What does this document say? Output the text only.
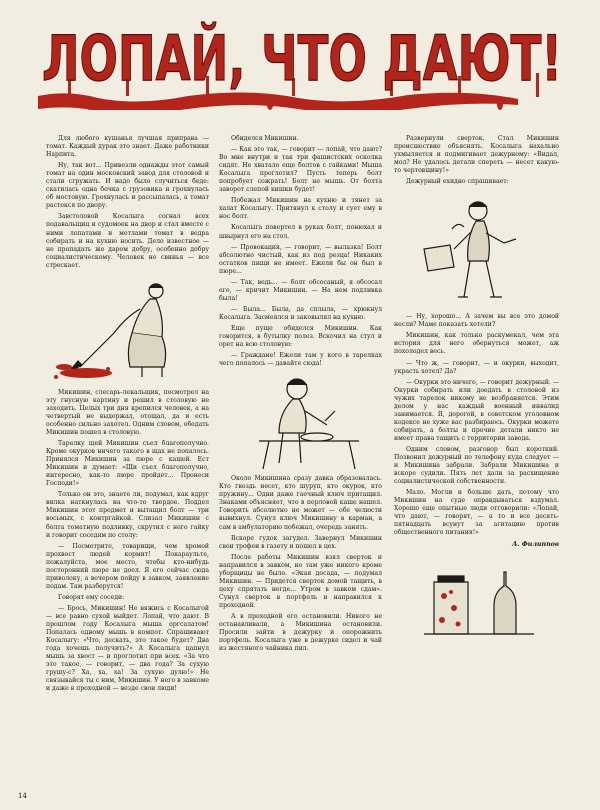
ЛОПАЙ, ЧТО ДАЮТ!

Для любого кушанья лучшая приправа — томат. Каждый дурак это знает. Даже работники Нарпита.

Ну, так вот... Привезли однажды этот самый томат на один московский завод для столовой и стали сгружать. И надо было случиться беде: скатилась одна бочка с грузовика и грохнулась об мостовую. Грохнулась и рассыпалась, а томат растекся по двору.

Завстоловой Косалыга согнал всех подавальщиц и судомоек на двор и стал вместе с ними лопатами и метлами томат в ведра собирать и на кухню носить. Дело известное — не пропадать же даром добру, особенно добру социалистическому. Человек не свинья — все стрескает.

Микишин, слесарь-лекальщик, посмотрел на эту гнусную картину и решил в столовую не заходить. Целых три дня крепился человек, а на четвертый не выдержал, отощал, да и есть особенно сильно захотел. Одним словом, обедать Микишин пошел в столовую.

Тарелку щей Микишин съел благополучно. Кроме окурков ничего такого в щах не попалось. Принялся Микишин за пюре с кашей. Ест Микишин и думает: «Щи съел благополучно, интересно, как-то пюре пройдет... Пронеси Господи!»

Только он это, знаете ли, подумал, как вдруг вилка наткнулась на что-то твердое. Поддел Микишин этот предмет и вытащил болт — три восьмых, с контргайкой. Слизал Микишин с болта томатную подливку, скрутил с него гайку и говорит соседям по столу:

— Посмотрите, товарищи, чем хромой прохвост людей кормит! Покараульте, пожалуйста, мое место, чтобы кто-нибудь посторонний пюре не доел. Я его сейчас сюда приволоку, а вечером пойду в завком, заявление подам. Там разберутся!

Говорят ему соседи:

— Брось, Микишин! Не вяжись с Косалыгой — все равно сухой выйдет. Лопай, что дают. В прошлом году Косалыга мыша оргсалатом! Попалась одному мышь в компот. Спрашивают Косалыгу: «Что, дескать, это такое будет? Два года хочешь получить?» А Косалыга цапнул мышь за хвост — и проглотил при всех. «За что это такое, — говорит, — два года? За сухую грушу-с? Ха, ха, ха! За сухую дулю!» Не связывайся ты с ним, Микишин. У него в завкоме и даже в проходной — везде свои люди!

Обиделся Микишин.

— Как это так, — говорит — лопай, что дают? Во мне внутри и так три фашистских осколка сидят. Не хватало еще болтов с гайками! Мыша Косалыга проглотил? Пусть теперь болт попробует сожрать! Болт не мышь. От болта заворот слепой кишки будет!

Побежал Микишин на кухню и тянет за халат Косалыгу. Притянул к столу и сует ему в нос болт.

Косалыга повертел в руках болт, понюхал и швырнул его на стол.

— Провокация, — говорит, — вылазка! Болт абсолютно чистый, как из под резца! Никаких остатков пищи не имеет. Ежели бы он был в пюре...

— Так, ведь... — болт обсосаный, я обсосал его, — кричит Микишин. — На нем подливка была!

— Была... Была, да сплыла, — хрюкнул Косалыга. Засмеялся и заковылял на кухню.

Еще пуще обиделся Микишин. Как говорится, в бутылку полез. Вскочил на стул и орет на всю столовую:

— Граждане! Ежели там у кого в тарелках чего попалось — давайте сюда!

Около Микишина сразу давка образовалась. Кто гвоздь несет, кто шуруп, кто окурок, кто пружину... Одни даже гаечный ключ притащил. Знаками объясняет, что в перловой каше нашел. Говорить абсолютно не может — обе челюсти вывихнул. Сунул ключ Микишину в карман, а сам в амбулаторию побежал, очередь занять.

Вскоре гудок загудел. Завернул Микишин свои трофеи в газету и пошел в цех.

После работы Микишин взял сверток и направился в завком, но там уже никого кроме уборщицы не было. «Экая досада, — подумал Микишин. — Придется сверток домой тащить, в цеху спрятать негде... Утром в завком сдам». Сунул сверток в портфель и направился к проходной.

А в проходной его остановили. Никого не останавливали, а Микишина остановили. Просили зайти в дежурку и опорожнить портфель. Косалыга уже в дежурке сидел и чай из жестяного чайника пил.

Развернули сверток. Стал Микишин происшествие объяснять. Косалыга нахально ухмыляется и подмигивает дежурному: «Видал, мол? Не удалось детали спереть — несет какую-то чертовщину!»

Дежурный ехидно спрашивает:

— Ну, хорошо... А зачем вы все это домой несли? Маме показать хотели?

Микишин, как только раскумекал, чем эта история для него обернуться может, аж похолодел весь.

— Что ж, — говорит, — и окурки, выходит, украсть хотел? Да?

— Окурки это ничего, — говорит дежурный. — Окурки собирать или доедать в столовой из чужих тарелок никому не возбраняется. Этим делом у нас каждый военный инвалид занимается. Я, дорогой, в советском уголовном кодексе не хуже вас разбираюсь. Окурки можете собирать, а болты и прочие детали никто не имеет права тащить с территории завода.

Одним словом, разговор был короткий. Позвонил дежурный по телефону куда следует — и Микишина забрали. Забрали Микишина и вскоре судили. Пять лет дали за расхищение социалистической собственности.

Мало. Могли и больше дать, потому что Микишин на суде оправдываться вздумал. Хорошо еще опытные люди отговорили: «Лопай, что дают, — говорят, — а то и все десять-пятнадцать всунут за агитацию против общественного питания!»

А. Филиппов

14
